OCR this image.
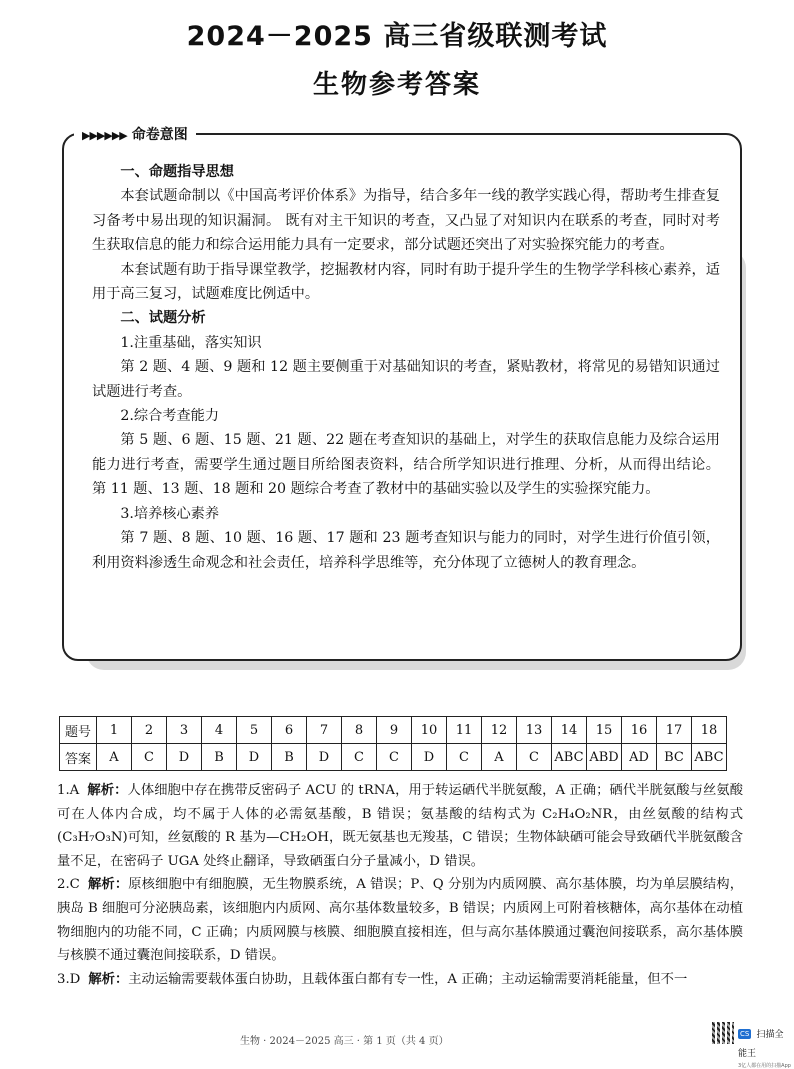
2024－2025 高三省级联测考试
生物参考答案
▶▶▶▶▶▶ 命卷意图

一、命题指导思想

本套试题命制以《中国高考评价体系》为指导，结合多年一线的教学实践心得，帮助考生排查复习备考中易出现的知识漏洞。 既有对主干知识的考查，又凸显了对知识内在联系的考查，同时对考生获取信息的能力和综合运用能力具有一定要求，部分试题还突出了对实验探究能力的考查。

本套试题有助于指导课堂教学，挖掘教材内容，同时有助于提升学生的生物学学科核心素养，适用于高三复习，试题难度比例适中。

二、试题分析

1.注重基础，落实知识

第 2 题、4 题、9 题和 12 题主要侧重于对基础知识的考查，紧贴教材，将常见的易错知识通过试题进行考查。

2.综合考查能力

第 5 题、6 题、15 题、21 题、22 题在考查知识的基础上，对学生的获取信息能力及综合运用能力进行考查，需要学生通过题目所给图表资料，结合所学知识进行推理、分析，从而得出结论。 第 11 题、13 题、18 题和 20 题综合考查了教材中的基础实验以及学生的实验探究能力。

3.培养核心素养

第 7 题、8 题、10 题、16 题、17 题和 23 题考查知识与能力的同时，对学生进行价值引领，利用资料渗透生命观念和社会责任，培养科学思维等，充分体现了立德树人的教育理念。

题号	1	2	3	4	5	6	7	8	9	10	11	12	13	14	15	16	17	18
答案	A	C	D	B	D	B	D	C	C	D	C	A	C	ABC	ABD	AD	BC	ABC

1.A 解析：人体细胞中存在携带反密码子 ACU 的 tRNA，用于转运硒代半胱氨酸，A 正确；硒代半胱氨酸与丝氨酸可在人体内合成，均不属于人体的必需氨基酸，B 错误；氨基酸的结构式为 C₂H₄O₂NR，由丝氨酸的结构式(C₃H₇O₃N)可知，丝氨酸的 R 基为—CH₂OH，既无氨基也无羧基，C 错误；生物体缺硒可能会导致硒代半胱氨酸含量不足，在密码子 UGA 处终止翻译，导致硒蛋白分子量减小，D 错误。

2.C 解析：原核细胞中有细胞膜，无生物膜系统，A 错误；P、Q 分别为内质网膜、高尔基体膜，均为单层膜结构，胰岛 B 细胞可分泌胰岛素，该细胞内内质网、高尔基体数量较多，B 错误；内质网上可附着核糖体，高尔基体在动植物细胞内的功能不同，C 正确；内质网膜与核膜、细胞膜直接相连，但与高尔基体膜通过囊泡间接联系，高尔基体膜与核膜不通过囊泡间接联系，D 错误。

3.D 解析：主动运输需要载体蛋白协助，且载体蛋白都有专一性，A 正确；主动运输需要消耗能量，但不一

生物 · 2024－2025 高三 · 第 1 页（共 4 页）
CS 扫描全能王
3亿人都在用的扫描App
